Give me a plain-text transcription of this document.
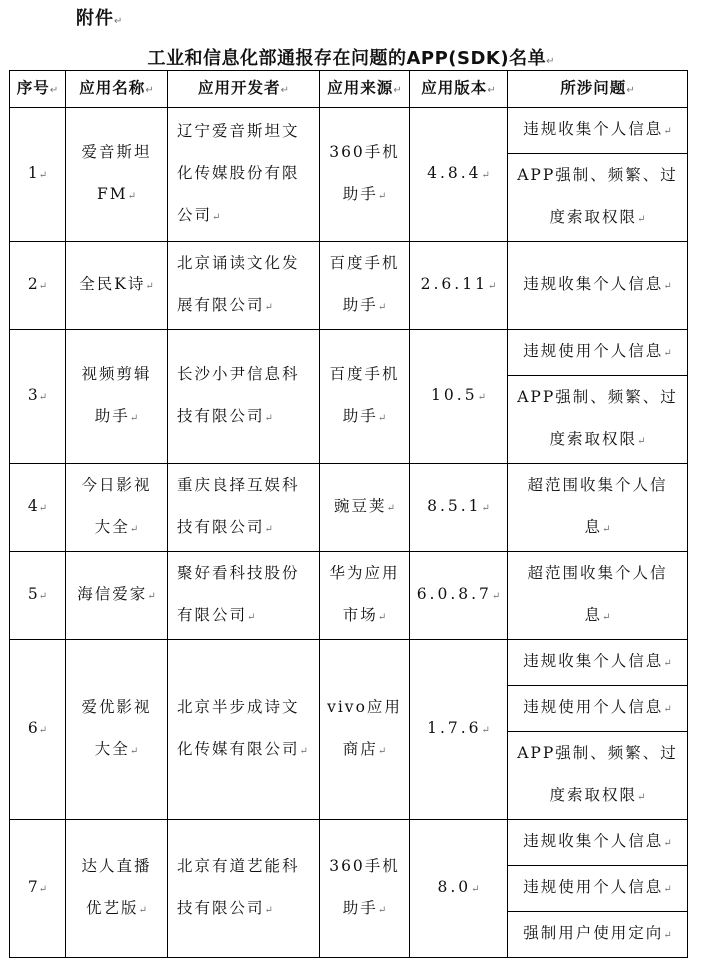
附件↵
工业和信息化部通报存在问题的APP(SDK)名单↵
序号↵	应用名称↵	应用开发者↵	应用来源↵	应用版本↵	所涉问题↵
1↵	爱音斯坦
FM↵	辽宁爱音斯坦文
化传媒股份有限
公司↵	360手机
助手↵	4.8.4↵	违规收集个人信息↵

					APP强制、频繁、过
度索取权限↵

2↵	全民K诗↵	北京诵读文化发
展有限公司↵	百度手机
助手↵	2.6.11↵	违规收集个人信息↵

3↵	视频剪辑
助手↵	长沙小尹信息科
技有限公司↵	百度手机
助手↵	10.5↵	违规使用个人信息↵

					APP强制、频繁、过
度索取权限↵

4↵	今日影视
大全↵	重庆良择互娱科
技有限公司↵	豌豆荚↵	8.5.1↵	超范围收集个人信
息↵

5↵	海信爱家↵	聚好看科技股份
有限公司↵	华为应用
市场↵	6.0.8.7↵	超范围收集个人信
息↵

6↵	爱优影视
大全↵	北京半步成诗文
化传媒有限公司↵	vivo应用
商店↵	1.7.6↵	违规收集个人信息↵

					违规使用个人信息↵

					APP强制、频繁、过
度索取权限↵

7↵	达人直播
优艺版↵	北京有道艺能科
技有限公司↵	360手机
助手↵	8.0↵	违规收集个人信息↵

					违规使用个人信息↵

					强制用户使用定向↵
